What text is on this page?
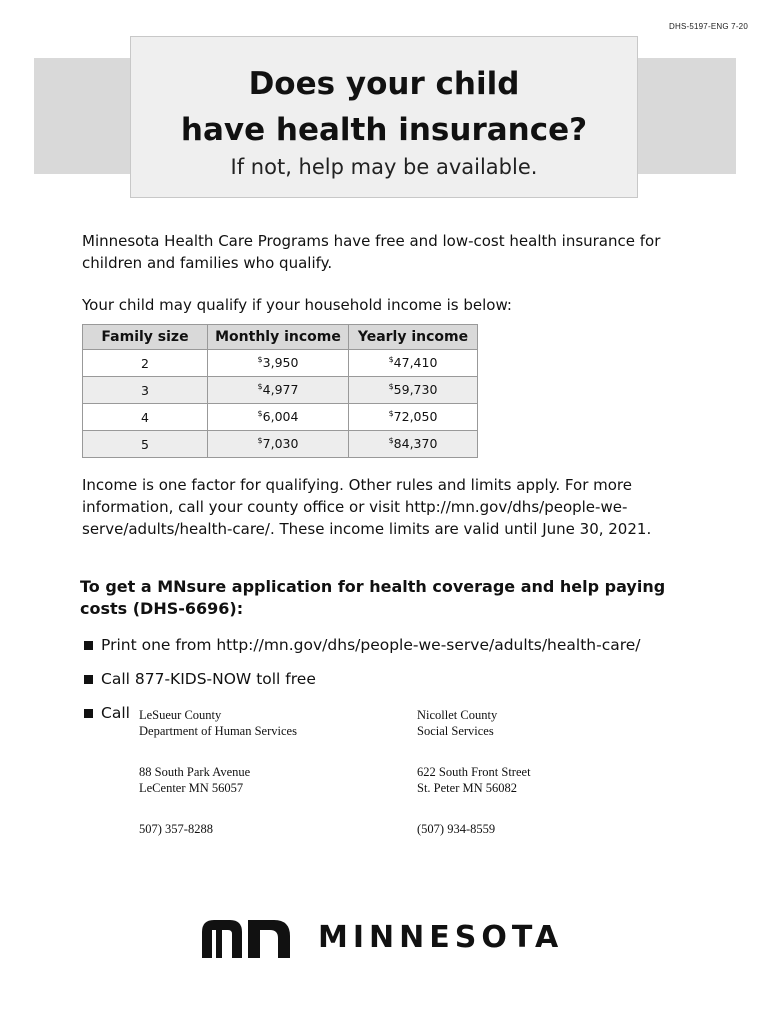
DHS-5197-ENG 7-20
Does your child
have health insurance?

If not, help may be available.

Minnesota Health Care Programs have free and low-cost health insurance for children and families who qualify.

Your child may qualify if your household income is below:

Family size	Monthly income	Yearly income
2	$3,950	$47,410
3	$4,977	$59,730
4	$6,004	$72,050
5	$7,030	$84,370

Income is one factor for qualifying. Other rules and limits apply. For more information, call your county office or visit http://mn.gov/dhs/people-we-serve/adults/health-care/. These income limits are valid until June 30, 2021.

To get a MNsure application for health coverage and help paying costs (DHS-6696):

Print one from http://mn.gov/dhs/people-we-serve/adults/health-care/

Call 877-KIDS-NOW toll free

Call LeSueur County

Department of Human Services

88 South Park Avenue

LeCenter MN 56057

507) 357-8288

Nicollet County

Social Services

622 South Front Street

St. Peter MN 56082

(507) 934-8559

MINNESOTA
